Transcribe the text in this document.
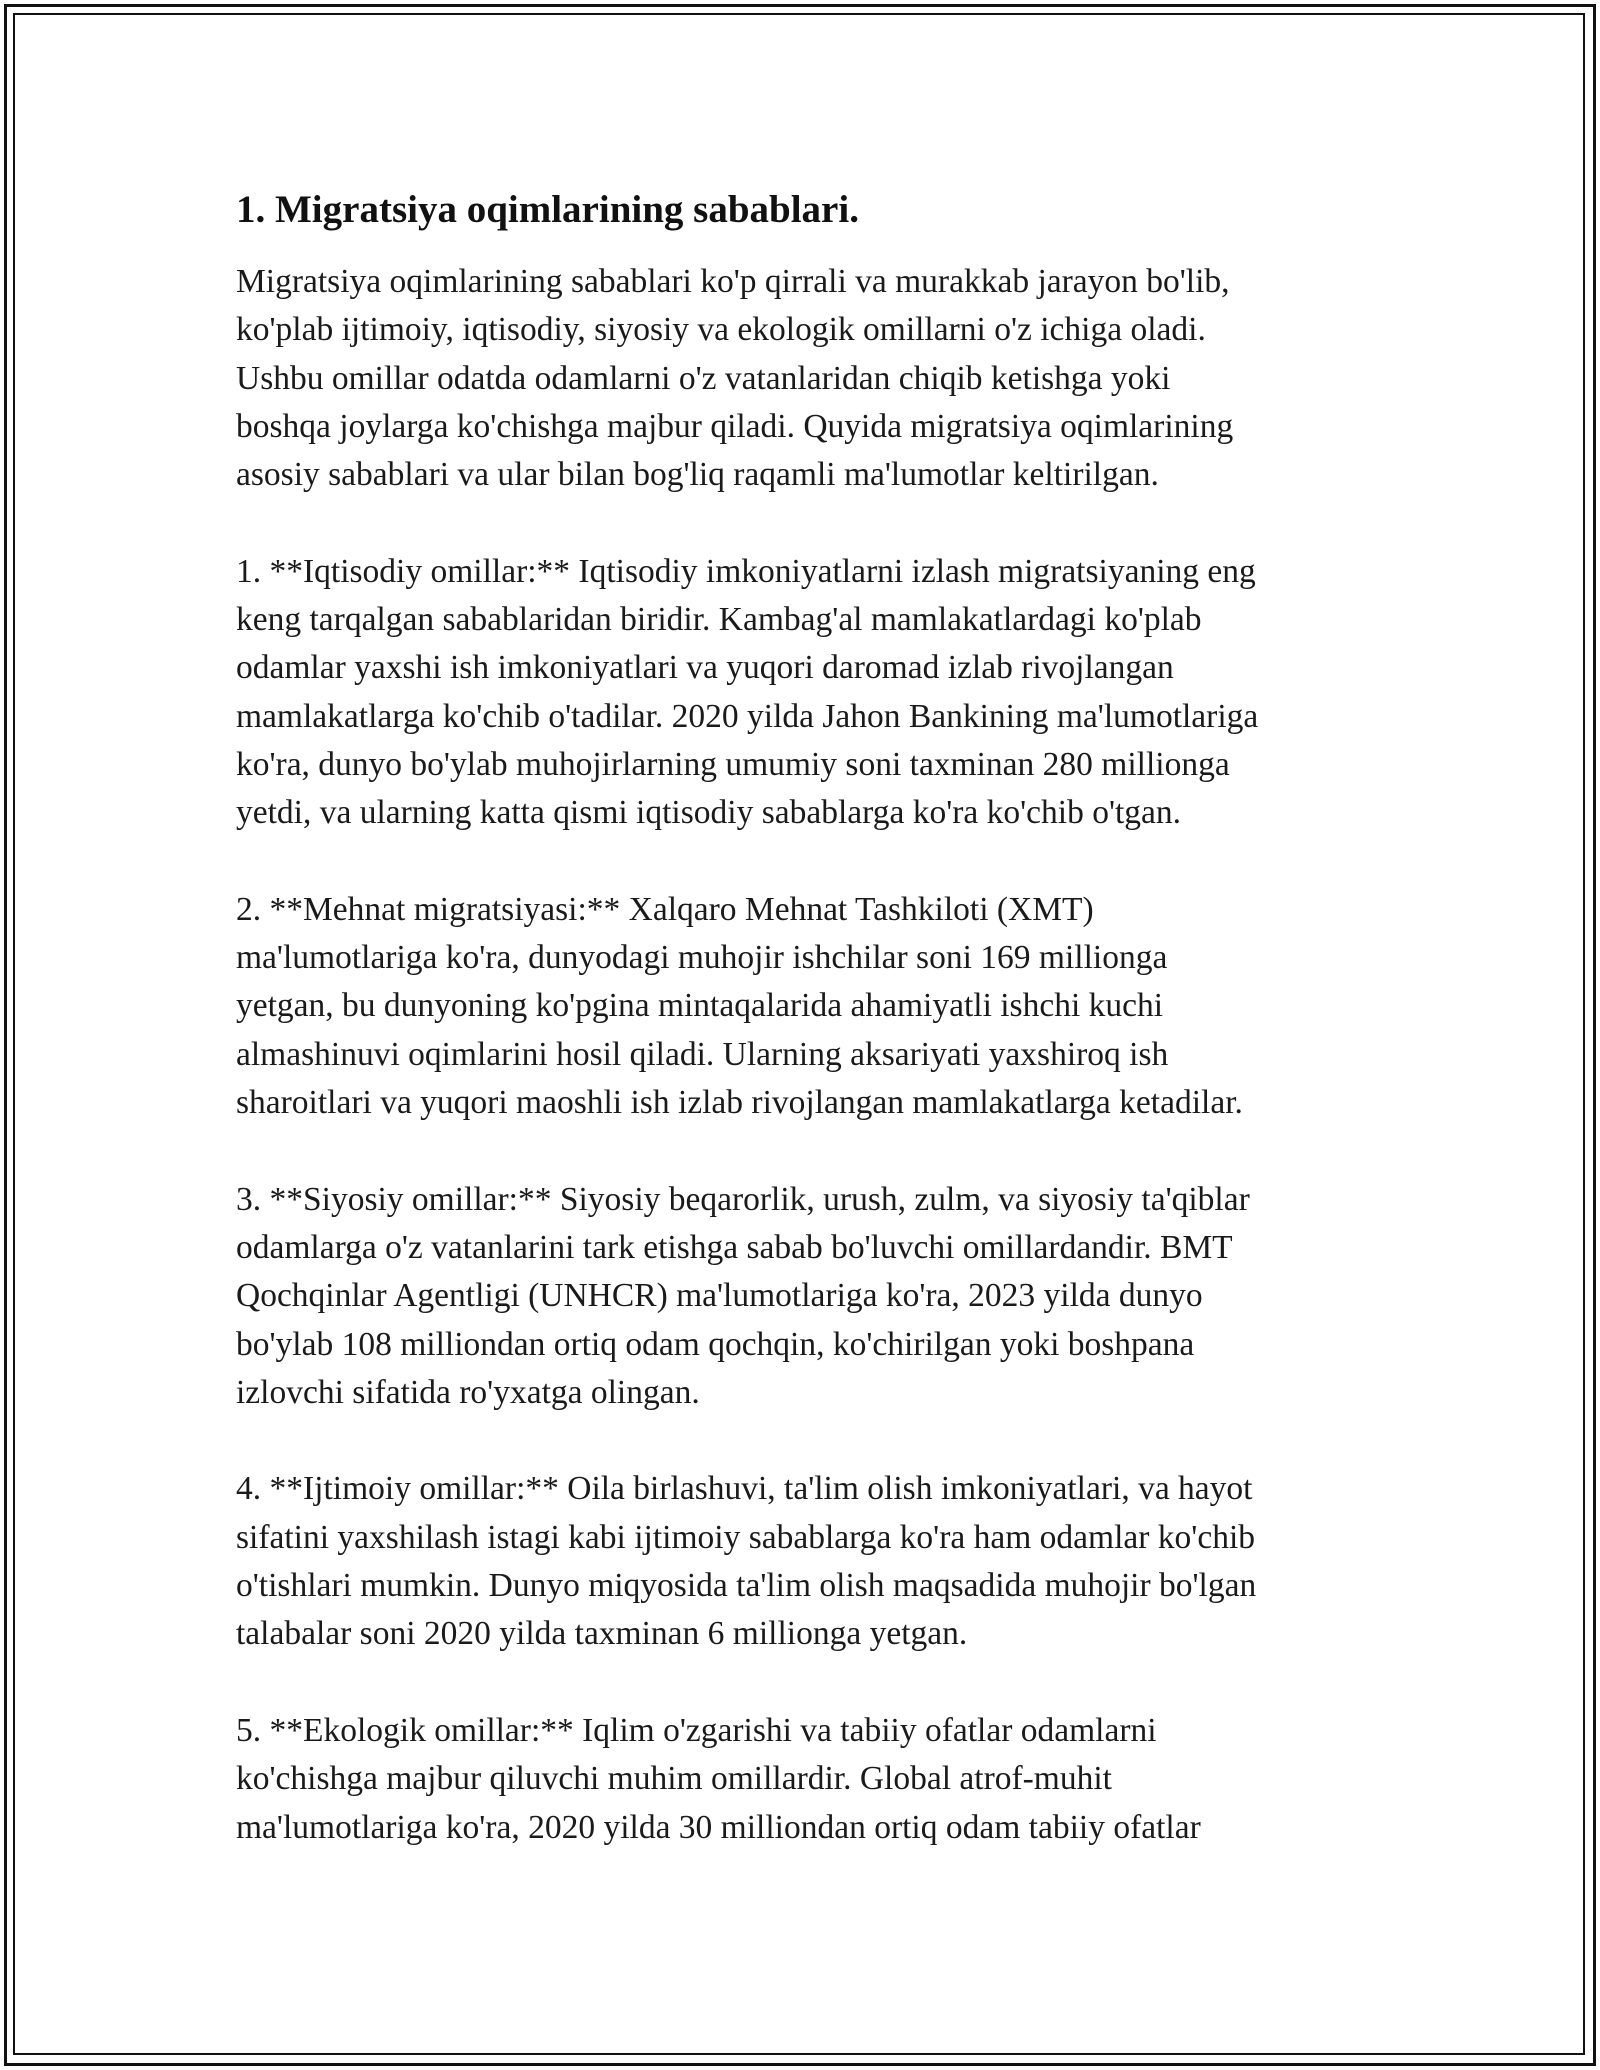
1. Migratsiya oqimlarining sabablari.

Migratsiya oqimlarining sabablari ko'p qirrali va murakkab jarayon bo'lib,
ko'plab ijtimoiy, iqtisodiy, siyosiy va ekologik omillarni o'z ichiga oladi.
Ushbu omillar odatda odamlarni o'z vatanlaridan chiqib ketishga yoki
boshqa joylarga ko'chishga majbur qiladi. Quyida migratsiya oqimlarining
asosiy sabablari va ular bilan bog'liq raqamli ma'lumotlar keltirilgan.

1. **Iqtisodiy omillar:** Iqtisodiy imkoniyatlarni izlash migratsiyaning eng
keng tarqalgan sabablaridan biridir. Kambag'al mamlakatlardagi ko'plab
odamlar yaxshi ish imkoniyatlari va yuqori daromad izlab rivojlangan
mamlakatlarga ko'chib o'tadilar. 2020 yilda Jahon Bankining ma'lumotlariga
ko'ra, dunyo bo'ylab muhojirlarning umumiy soni taxminan 280 millionga
yetdi, va ularning katta qismi iqtisodiy sabablarga ko'ra ko'chib o'tgan.

2. **Mehnat migratsiyasi:** Xalqaro Mehnat Tashkiloti (XMT)
ma'lumotlariga ko'ra, dunyodagi muhojir ishchilar soni 169 millionga
yetgan, bu dunyoning ko'pgina mintaqalarida ahamiyatli ishchi kuchi
almashinuvi oqimlarini hosil qiladi. Ularning aksariyati yaxshiroq ish
sharoitlari va yuqori maoshli ish izlab rivojlangan mamlakatlarga ketadilar.

3. **Siyosiy omillar:** Siyosiy beqarorlik, urush, zulm, va siyosiy ta'qiblar
odamlarga o'z vatanlarini tark etishga sabab bo'luvchi omillardandir. BMT
Qochqinlar Agentligi (UNHCR) ma'lumotlariga ko'ra, 2023 yilda dunyo
bo'ylab 108 milliondan ortiq odam qochqin, ko'chirilgan yoki boshpana
izlovchi sifatida ro'yxatga olingan.

4. **Ijtimoiy omillar:** Oila birlashuvi, ta'lim olish imkoniyatlari, va hayot
sifatini yaxshilash istagi kabi ijtimoiy sabablarga ko'ra ham odamlar ko'chib
o'tishlari mumkin. Dunyo miqyosida ta'lim olish maqsadida muhojir bo'lgan
talabalar soni 2020 yilda taxminan 6 millionga yetgan.

5. **Ekologik omillar:** Iqlim o'zgarishi va tabiiy ofatlar odamlarni
ko'chishga majbur qiluvchi muhim omillardir. Global atrof-muhit
ma'lumotlariga ko'ra, 2020 yilda 30 milliondan ortiq odam tabiiy ofatlar
